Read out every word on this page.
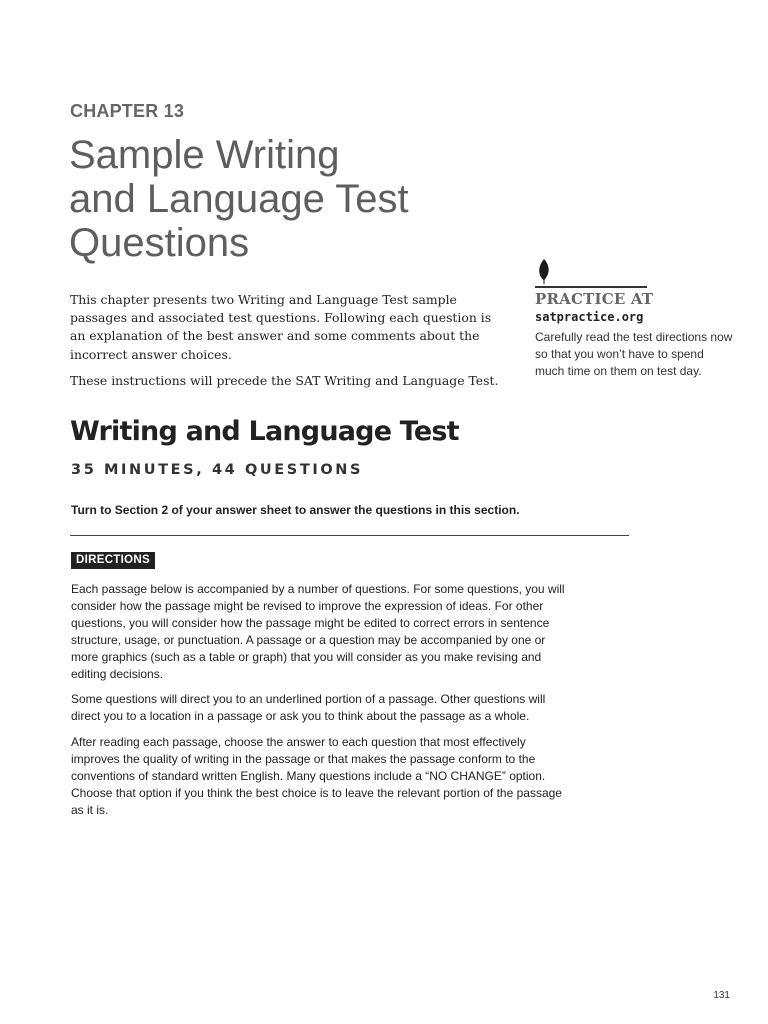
CHAPTER 13
Sample Writing
and Language Test
Questions

This chapter presents two Writing and Language Test sample passages and associated test questions. Following each question is an explanation of the best answer and some comments about the incorrect answer choices.

These instructions will precede the SAT Writing and Language Test.

PRACTICE AT
satpractice.org
Carefully read the test directions now so that you won’t have to spend much time on them on test day.
Writing and Language Test
35 MINUTES, 44 QUESTIONS
Turn to Section 2 of your answer sheet to answer the questions in this section.
DIRECTIONS

Each passage below is accompanied by a number of questions. For some questions, you will consider how the passage might be revised to improve the expression of ideas. For other questions, you will consider how the passage might be edited to correct errors in sentence structure, usage, or punctuation. A passage or a question may be accompanied by one or more graphics (such as a table or graph) that you will consider as you make revising and editing decisions.

Some questions will direct you to an underlined portion of a passage. Other questions will direct you to a location in a passage or ask you to think about the passage as a whole.

After reading each passage, choose the answer to each question that most effectively improves the quality of writing in the passage or that makes the passage conform to the conventions of standard written English. Many questions include a “NO CHANGE” option. Choose that option if you think the best choice is to leave the relevant portion of the passage as it is.

131
